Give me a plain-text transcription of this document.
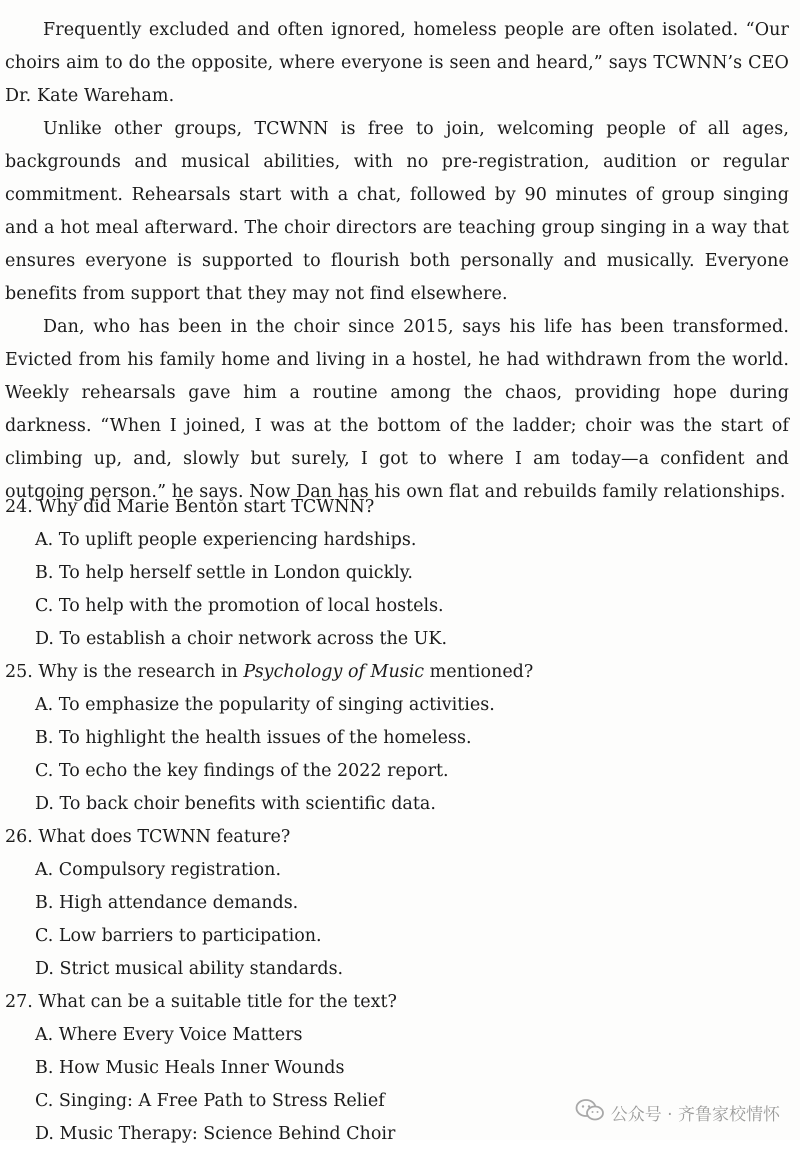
Frequently excluded and often ignored, homeless people are often isolated. “Our choirs aim to do the opposite, where everyone is seen and heard,” says TCWNN’s CEO Dr. Kate Wareham.

Unlike other groups, TCWNN is free to join, welcoming people of all ages, backgrounds and musical abilities, with no pre-registration, audition or regular commitment. Rehearsals start with a chat, followed by 90 minutes of group singing and a hot meal afterward. The choir directors are teaching group singing in a way that ensures everyone is supported to flourish both personally and musically. Everyone benefits from support that they may not find elsewhere.

Dan, who has been in the choir since 2015, says his life has been transformed. Evicted from his family home and living in a hostel, he had withdrawn from the world. Weekly rehearsals gave him a routine among the chaos, providing hope during darkness. “When I joined, I was at the bottom of the ladder; choir was the start of climbing up, and, slowly but surely, I got to where I am today—a confident and outgoing person.” he says. Now Dan has his own flat and rebuilds family relationships.

24. Why did Marie Benton start TCWNN?
A. To uplift people experiencing hardships.
B. To help herself settle in London quickly.
C. To help with the promotion of local hostels.
D. To establish a choir network across the UK.
25. Why is the research in Psychology of Music mentioned?
A. To emphasize the popularity of singing activities.
B. To highlight the health issues of the homeless.
C. To echo the key findings of the 2022 report.
D. To back choir benefits with scientific data.
26. What does TCWNN feature?
A. Compulsory registration.
B. High attendance demands.
C. Low barriers to participation.
D. Strict musical ability standards.
27. What can be a suitable title for the text?
A. Where Every Voice Matters
B. How Music Heals Inner Wounds
C. Singing: A Free Path to Stress Relief
D. Music Therapy: Science Behind Choir
公众号 · 齐鲁家校情怀
